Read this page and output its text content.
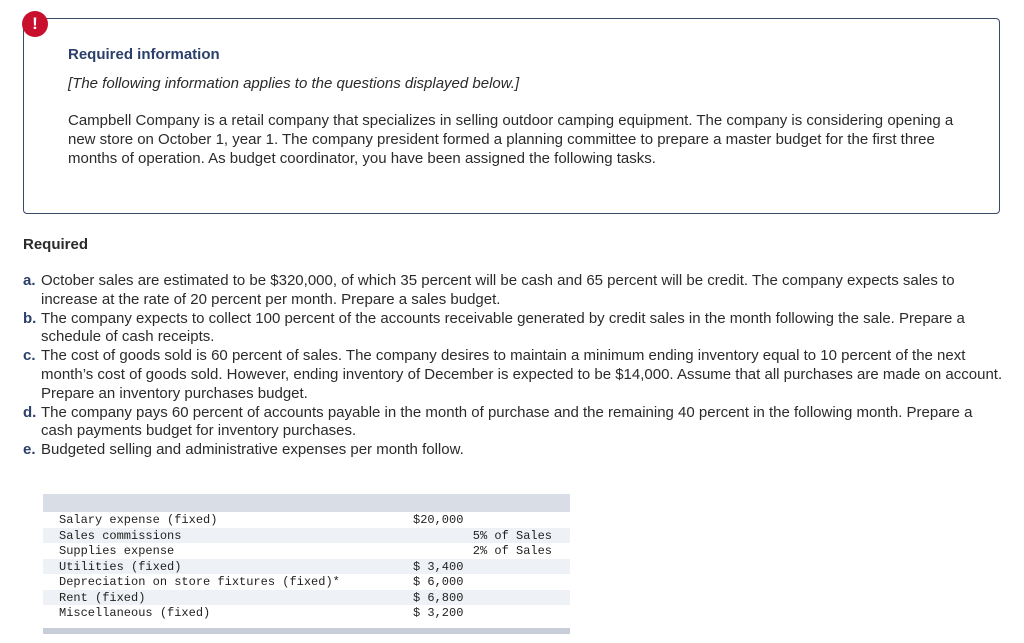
!
Required information
[The following information applies to the questions displayed below.]
Campbell Company is a retail company that specializes in selling outdoor camping equipment. The company is considering opening a new store on October 1, year 1. The company president formed a planning committee to prepare a master budget for the first three months of operation. As budget coordinator, you have been assigned the following tasks.
Required
a. October sales are estimated to be $320,000, of which 35 percent will be cash and 65 percent will be credit. The company expects sales to increase at the rate of 20 percent per month. Prepare a sales budget.
b. The company expects to collect 100 percent of the accounts receivable generated by credit sales in the month following the sale. Prepare a schedule of cash receipts.
c. The cost of goods sold is 60 percent of sales. The company desires to maintain a minimum ending inventory equal to 10 percent of the next month’s cost of goods sold. However, ending inventory of December is expected to be $14,000. Assume that all purchases are made on account. Prepare an inventory purchases budget.
d. The company pays 60 percent of accounts payable in the month of purchase and the remaining 40 percent in the following month. Prepare a cash payments budget for inventory purchases.
e. Budgeted selling and administrative expenses per month follow.
Salary expense (fixed)	$20,000
Sales commissions	5% of Sales
Supplies expense	2% of Sales
Utilities (fixed)	$ 3,400
Depreciation on store fixtures (fixed)*	$ 6,000
Rent (fixed)	$ 6,800
Miscellaneous (fixed)	$ 3,200
